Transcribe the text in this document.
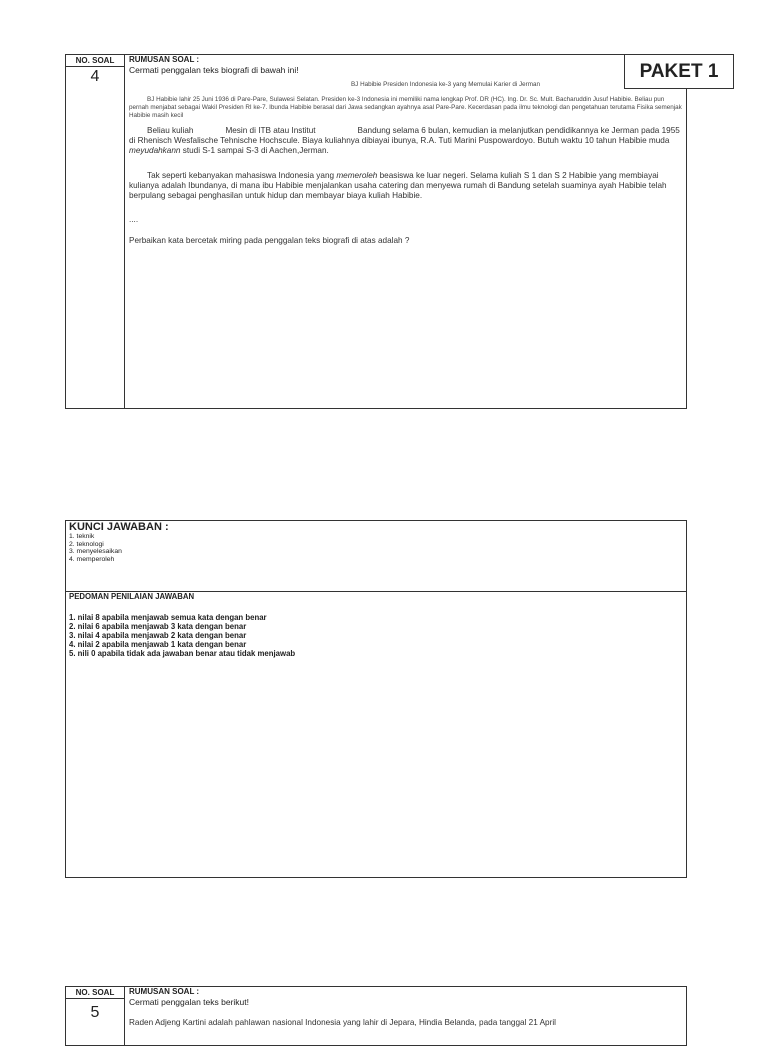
NO. SOAL
4
RUMUSAN SOAL :
Cermati penggalan teks biografi di bawah ini!

BJ Habibie Presiden Indonesia ke-3 yang Memulai Karier di Jerman

BJ Habibie lahir 25 Juni 1936 di Pare-Pare, Sulawesi Selatan. Presiden ke-3 Indonesia ini memiliki nama lengkap Prof. DR (HC). Ing. Dr. Sc. Mult. Bacharuddin Jusuf Habibie. Beliau pun pernah menjabat sebagai Wakil Presiden RI ke-7. Ibunda Habibie berasal dari Jawa sedangkan ayahnya asal Pare-Pare. Kecerdasan pada ilmu teknologi dan pengetahuan terutama Fisika semenjak Habibie masih kecil

Beliau kuliah	Mesin di ITB atau Institut	Bandung selama 6 bulan, kemudian ia melanjutkan pendidikannya ke Jerman pada 1955 di Rhenisch Wesfalische Tehnische Hochscule. Biaya kuliahnya dibiayai ibunya, R.A. Tuti Marini Puspowardoyo. Butuh waktu 10 tahun Habibie muda meyudahkann studi S-1 sampai S-3 di Aachen,Jerman.

Tak seperti kebanyakan mahasiswa Indonesia yang memeroleh beasiswa ke luar negeri. Selama kuliah S 1 dan S 2 Habibie yang membiayai kulianya adalah Ibundanya, di mana ibu Habibie menjalankan usaha catering dan menyewa rumah di Bandung setelah suaminya ayah Habibie telah berpulang sebagai penghasilan untuk hidup dan membayar biaya kuliah Habibie.

....

Perbaikan kata bercetak miring pada penggalan teks biografi di atas adalah ?

PAKET 1
KUNCI JAWABAN :
1. teknik
2. teknologi
3. menyelesaikan
4. memperoleh
PEDOMAN PENILAIAN JAWABAN
1. nilai 8 apabila menjawab semua kata dengan benar
2. nilai 6 apabila menjawab 3 kata dengan benar
3. nilai 4 apabila menjawab 2 kata dengan benar
4. nilai 2 apabila menjawab 1 kata dengan benar
5. nili 0 apabila tidak ada jawaban benar atau tidak menjawab
NO. SOAL
5
RUMUSAN SOAL :
Cermati penggalan teks berikut!

Raden Adjeng Kartini adalah pahlawan nasional Indonesia yang lahir di Jepara, Hindia Belanda, pada tanggal 21 April
